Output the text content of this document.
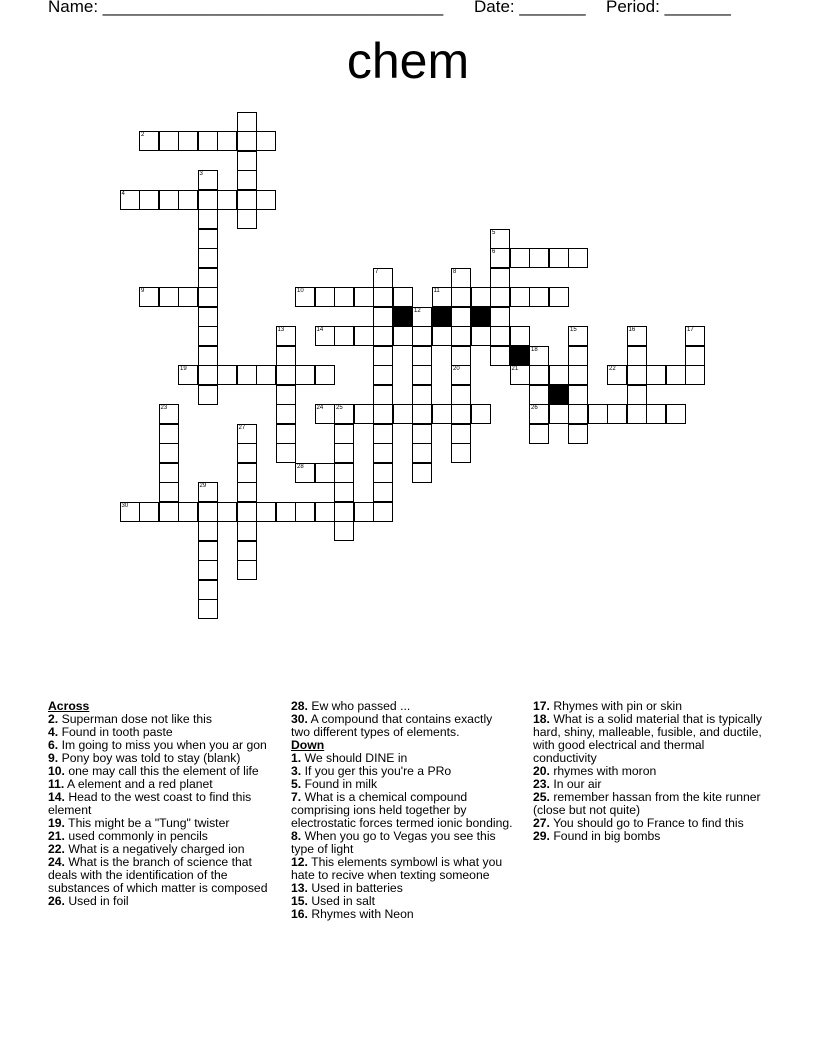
Name: ____________________________________ Date: _______ Period: _______
chem
2
3
4
5
6
7	8
9	10	11
12
13	14	15	16	17
18
19	20	21	22
23	24 25	26
27
28
29
30
Across
2. Superman dose not like this
4. Found in tooth paste
6. Im going to miss you when you ar gon
9. Pony boy was told to stay (blank)
10. one may call this the element of life
11. A element and a red planet
14. Head to the west coast to find this element
19. This might be a "Tung" twister
21. used commonly in pencils
22. What is a negatively charged ion
24. What is the branch of science that deals with the identification of the substances of which matter is composed
26. Used in foil
28. Ew who passed ...
30. A compound that contains exactly two different types of elements.
Down
1. We should DINE in
3. If you ger this you're a PRo
5. Found in milk
7. What is a chemical compound comprising ions held together by electrostatic forces termed ionic bonding.
8. When you go to Vegas you see this type of light
12. This elements symbowl is what you hate to recive when texting someone
13. Used in batteries
15. Used in salt
16. Rhymes with Neon
17. Rhymes with pin or skin
18. What is a solid material that is typically hard, shiny, malleable, fusible, and ductile, with good electrical and thermal conductivity
20. rhymes with moron
23. In our air
25. remember hassan from the kite runner (close but not quite)
27. You should go to France to find this
29. Found in big bombs
